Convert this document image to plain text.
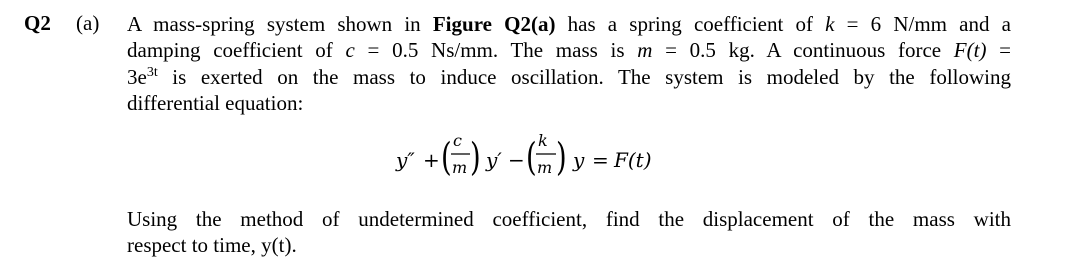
Q2 (a) A mass-spring system shown in Figure Q2(a) has a spring coefficient of k = 6 N/mm and a
damping coefficient of c = 0.5 Ns/mm. The mass is m = 0.5 kg. A continuous force F(t) =
$3e^{3t}$ is exerted on the mass to induce oscillation. The system is modeled by the following
differential equation:
y″ + ( c
m ) y′ − ( k
m ) y = F(t)
Using the method of undetermined coefficient, find the displacement of the mass with
respect to time, y(t).
